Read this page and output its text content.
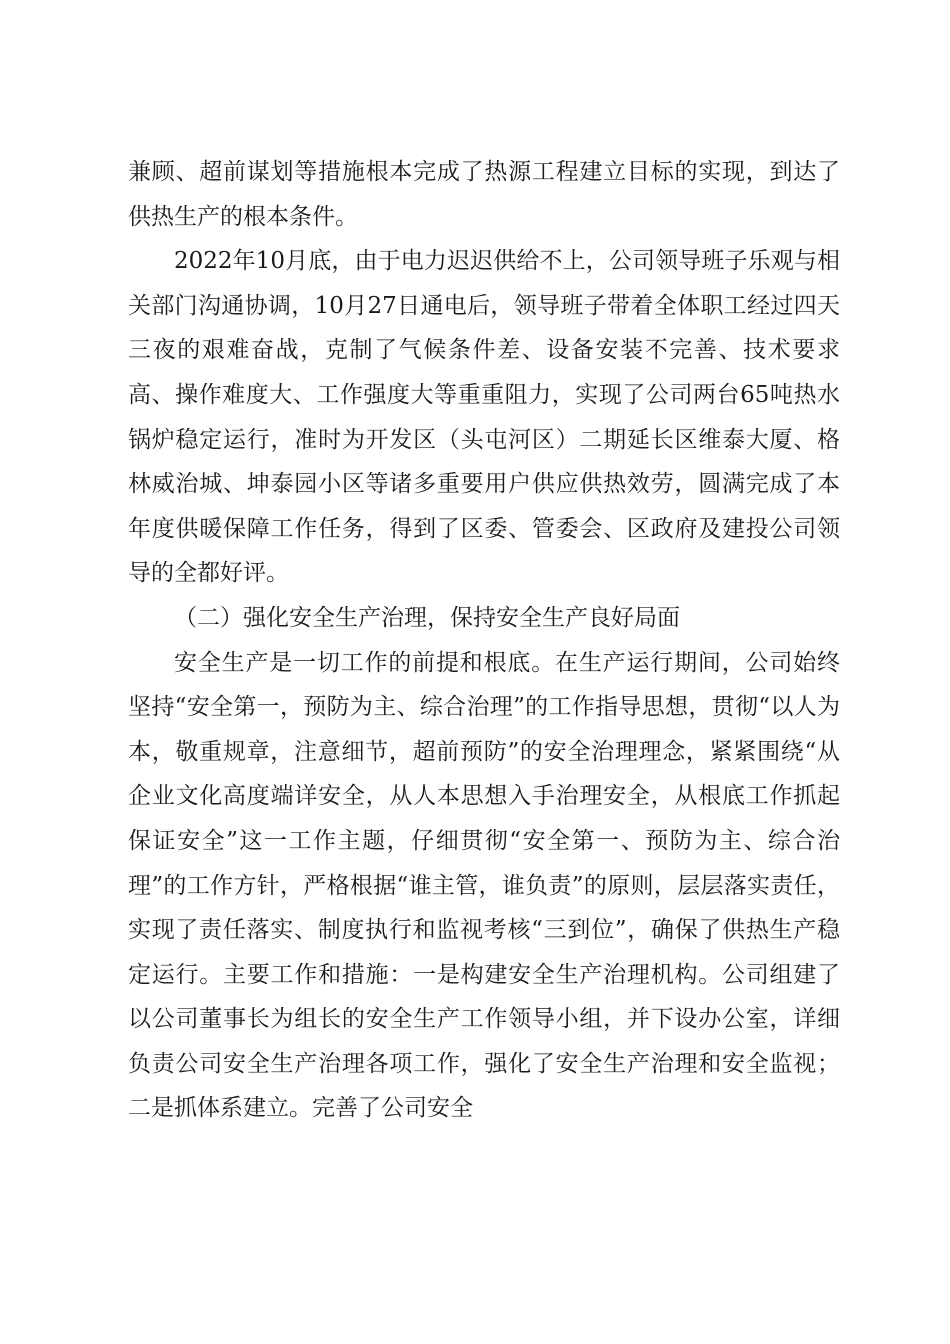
兼顾、超前谋划等措施根本完成了热源工程建立目标的实现，到达了供热生产的根本条件。

2022年10月底，由于电力迟迟供给不上，公司领导班子乐观与相关部门沟通协调，10月27日通电后，领导班子带着全体职工经过四天三夜的艰难奋战，克制了气候条件差、设备安装不完善、技术要求高、操作难度大、工作强度大等重重阻力，实现了公司两台65吨热水锅炉稳定运行，准时为开发区（头屯河区）二期延长区维泰大厦、格林威治城、坤泰园小区等诸多重要用户供应供热效劳，圆满完成了本年度供暖保障工作任务，得到了区委、管委会、区政府及建投公司领导的全都好评。

（二）强化安全生产治理，保持安全生产良好局面

安全生产是一切工作的前提和根底。在生产运行期间，公司始终坚持“安全第一，预防为主、综合治理”的工作指导思想，贯彻“以人为本，敬重规章，注意细节，超前预防”的安全治理理念，紧紧围绕“从企业文化高度端详安全，从人本思想入手治理安全，从根底工作抓起保证安全”这一工作主题，仔细贯彻“安全第一、预防为主、综合治理”的工作方针，严格根据“谁主管，谁负责”的原则，层层落实责任，实现了责任落实、制度执行和监视考核“三到位”，确保了供热生产稳定运行。主要工作和措施：一是构建安全生产治理机构。公司组建了以公司董事长为组长的安全生产工作领导小组，并下设办公室，详细负责公司安全生产治理各项工作，强化了安全生产治理和安全监视；二是抓体系建立。完善了公司安全
